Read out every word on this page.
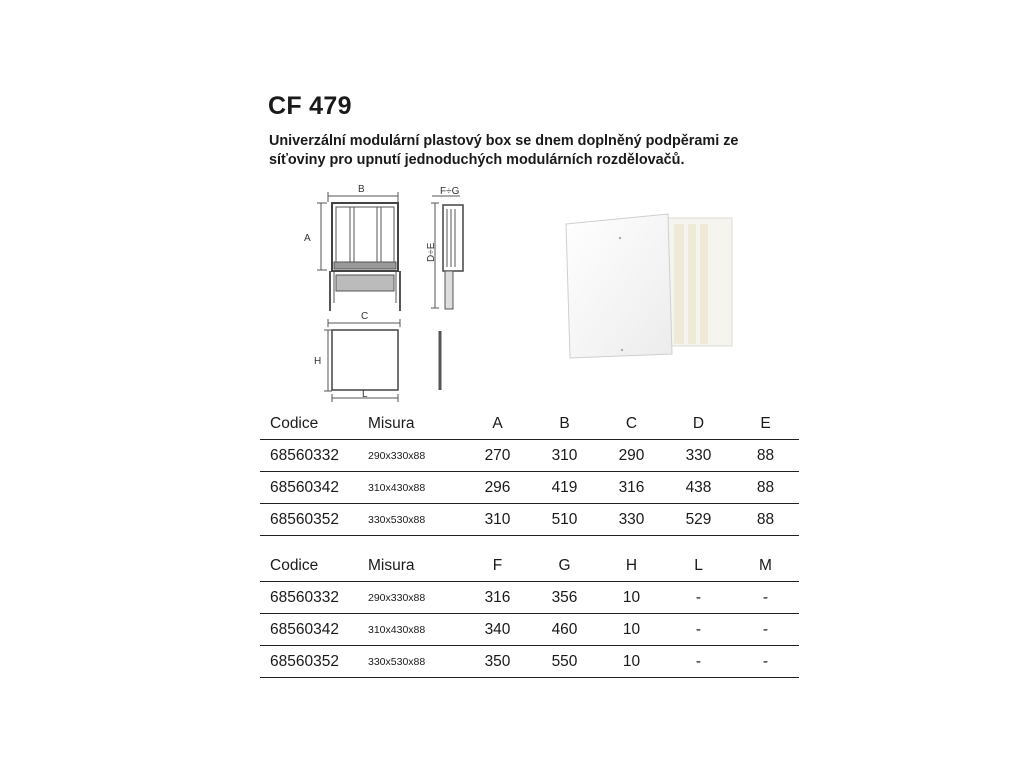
CF 479
Univerzální modulární plastový box se dnem doplněný podpěrami ze síťoviny pro upnutí jednoduchých modulárních rozdělovačů.
B
A
F÷G
D÷E
C
H
L
Codice	Misura	A	B	C	D	E
68560332	290x330x88	270	310	290	330	88
68560342	310x430x88	296	419	316	438	88
68560352	330x530x88	310	510	330	529	88
Codice	Misura	F	G	H	L	M
68560332	290x330x88	316	356	10	-	-
68560342	310x430x88	340	460	10	-	-
68560352	330x530x88	350	550	10	-	-
